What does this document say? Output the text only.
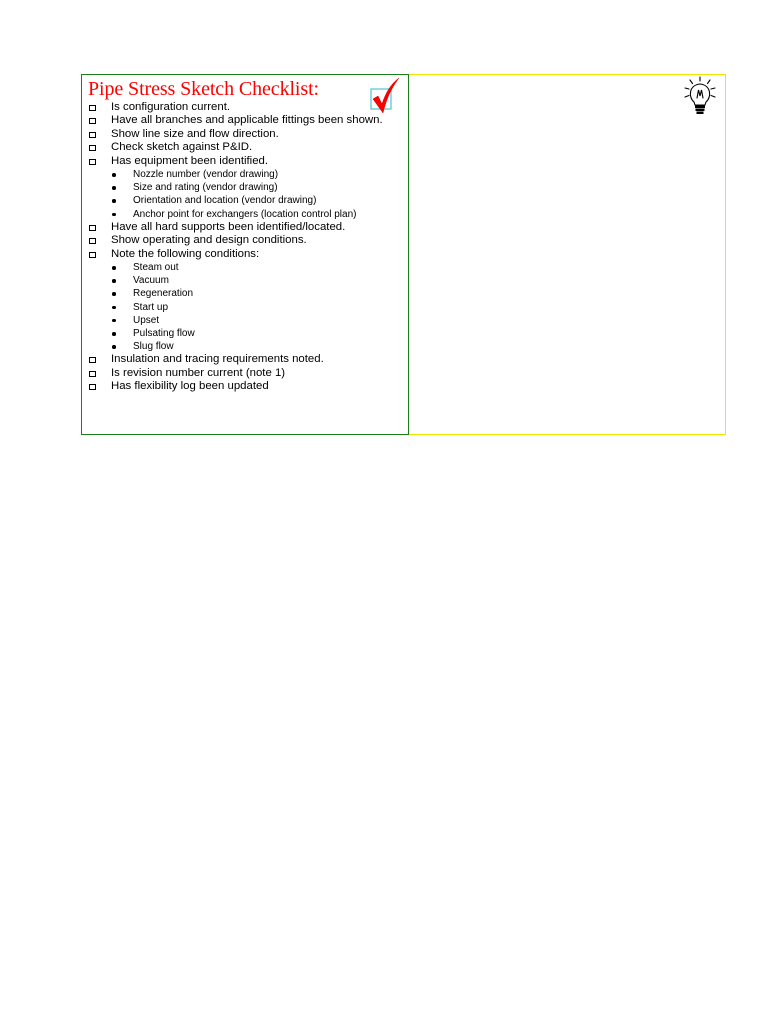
Pipe Stress Sketch Checklist:
Is configuration current.
Have all branches and applicable fittings been shown.
Show line size and flow direction.
Check sketch against P&ID.
Has equipment been identified.
Nozzle number (vendor drawing)
Size and rating (vendor drawing)
Orientation and location (vendor drawing)
Anchor point for exchangers (location control plan)
Have all hard supports been identified/located.
Show operating and design conditions.
Note the following conditions:
Steam out
Vacuum
Regeneration
Start up
Upset
Pulsating flow
Slug flow
Insulation and tracing requirements noted.
Is revision number current (note 1)
Has flexibility log been updated
